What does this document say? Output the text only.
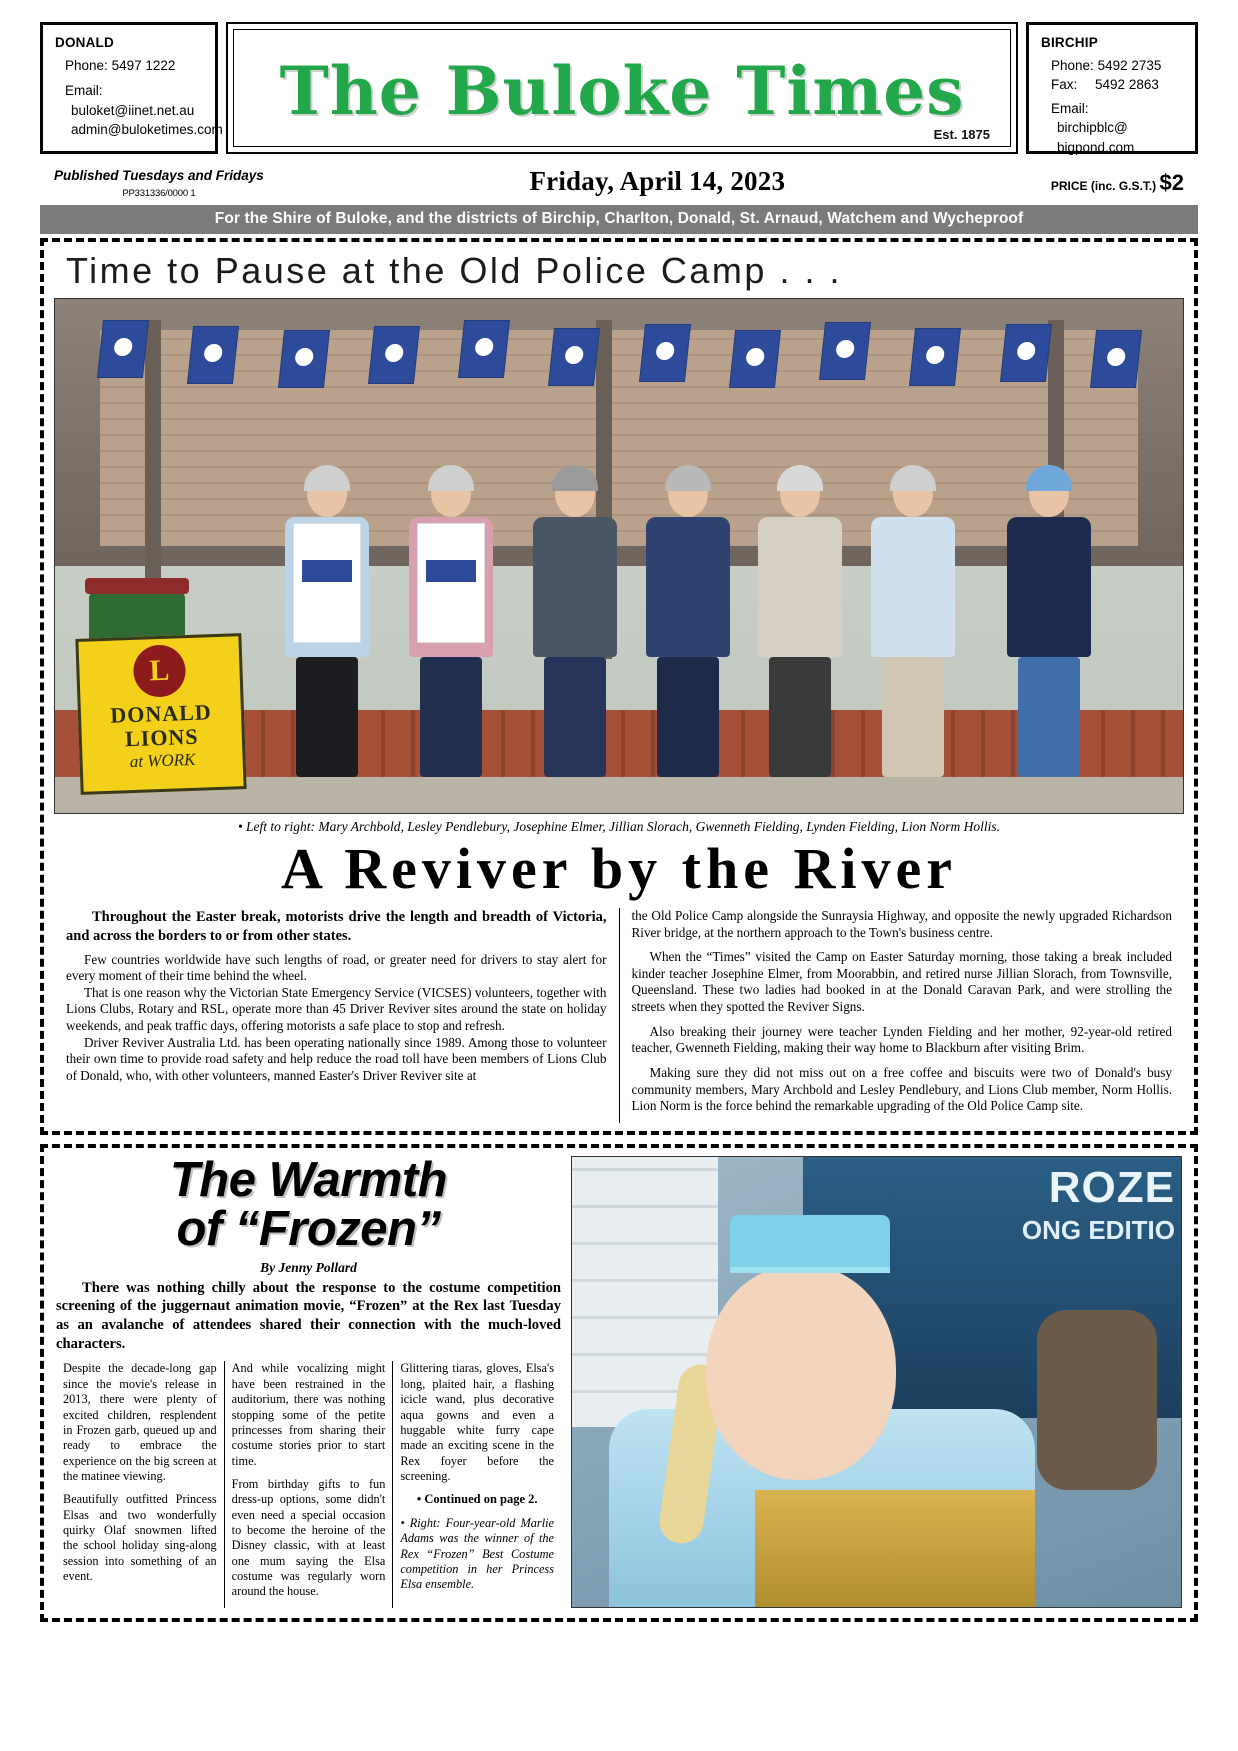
DONALD
Phone: 5497 1222
Email:
buloket@iinet.net.au
admin@buloketimes.com The Buloke Times
Est. 1875
BIRCHIP
Phone: 5492 2735
Fax: 5492 2863
Email:
birchipblc@
bigpond.com
Published Tuesdays and Fridays
PP331336/0000 1	Friday, April 14, 2023	PRICE (inc. G.S.T.) $2
For the Shire of Buloke, and the districts of Birchip, Charlton, Donald, St. Arnaud, Watchem and Wycheproof
Time to Pause at the Old Police Camp . . .
L
DONALD
LIONS
at WORK
• Left to right: Mary Archbold, Lesley Pendlebury, Josephine Elmer, Jillian Slorach, Gwenneth Fielding, Lynden Fielding, Lion Norm Hollis.
A Reviver by the River
Throughout the Easter break, motorists drive the length and breadth of Victoria, and across the borders to or from other states.

Few countries worldwide have such lengths of road, or greater need for drivers to stay alert for every moment of their time behind the wheel.

That is one reason why the Victorian State Emergency Service (VICSES) volunteers, together with Lions Clubs, Rotary and RSL, operate more than 45 Driver Reviver sites around the state on holiday weekends, and peak traffic days, offering motorists a safe place to stop and refresh.

Driver Reviver Australia Ltd. has been operating nationally since 1989. Among those to volunteer their own time to provide road safety and help reduce the road toll have been members of Lions Club of Donald, who, with other volunteers, manned Easter's Driver Reviver site at

the Old Police Camp alongside the Sunraysia Highway, and opposite the newly upgraded Richardson River bridge, at the northern approach to the Town's business centre.

When the “Times” visited the Camp on Easter Saturday morning, those taking a break included kinder teacher Josephine Elmer, from Moorabbin, and retired nurse Jillian Slorach, from Townsville, Queensland. These two ladies had booked in at the Donald Caravan Park, and were strolling the streets when they spotted the Reviver Signs.

Also breaking their journey were teacher Lynden Fielding and her mother, 92-year-old retired teacher, Gwenneth Fielding, making their way home to Blackburn after visiting Brim.

Making sure they did not miss out on a free coffee and biscuits were two of Donald's busy community members, Mary Archbold and Lesley Pendlebury, and Lions Club member, Norm Hollis. Lion Norm is the force behind the remarkable upgrading of the Old Police Camp site.

The Warmth
of “Frozen”
By Jenny Pollard
There was nothing chilly about the response to the costume competition screening of the juggernaut animation movie, “Frozen” at the Rex last Tuesday as an avalanche of attendees shared their connection with the much-loved characters.

Despite the decade-long gap since the movie's release in 2013, there were plenty of excited children, resplendent in Frozen garb, queued up and ready to embrace the experience on the big screen at the matinee viewing.

Beautifully outfitted Princess Elsas and two wonderfully quirky Olaf snowmen lifted the school holiday sing-along session into something of an event.

And while vocalizing might have been restrained in the auditorium, there was nothing stopping some of the petite princesses from sharing their costume stories prior to start time.

From birthday gifts to fun dress-up options, some didn't even need a special occasion to become the heroine of the Disney classic, with at least one mum saying the Elsa costume was regularly worn around the house.

Glittering tiaras, gloves, Elsa's long, plaited hair, a flashing icicle wand, plus decorative aqua gowns and even a huggable white furry cape made an exciting scene in the Rex foyer before the screening.

• Continued on page 2.
• Right: Four-year-old Marlie Adams was the winner of the Rex “Frozen” Best Costume competition in her Princess Elsa ensemble.
ROZE
ONG EDITIO
